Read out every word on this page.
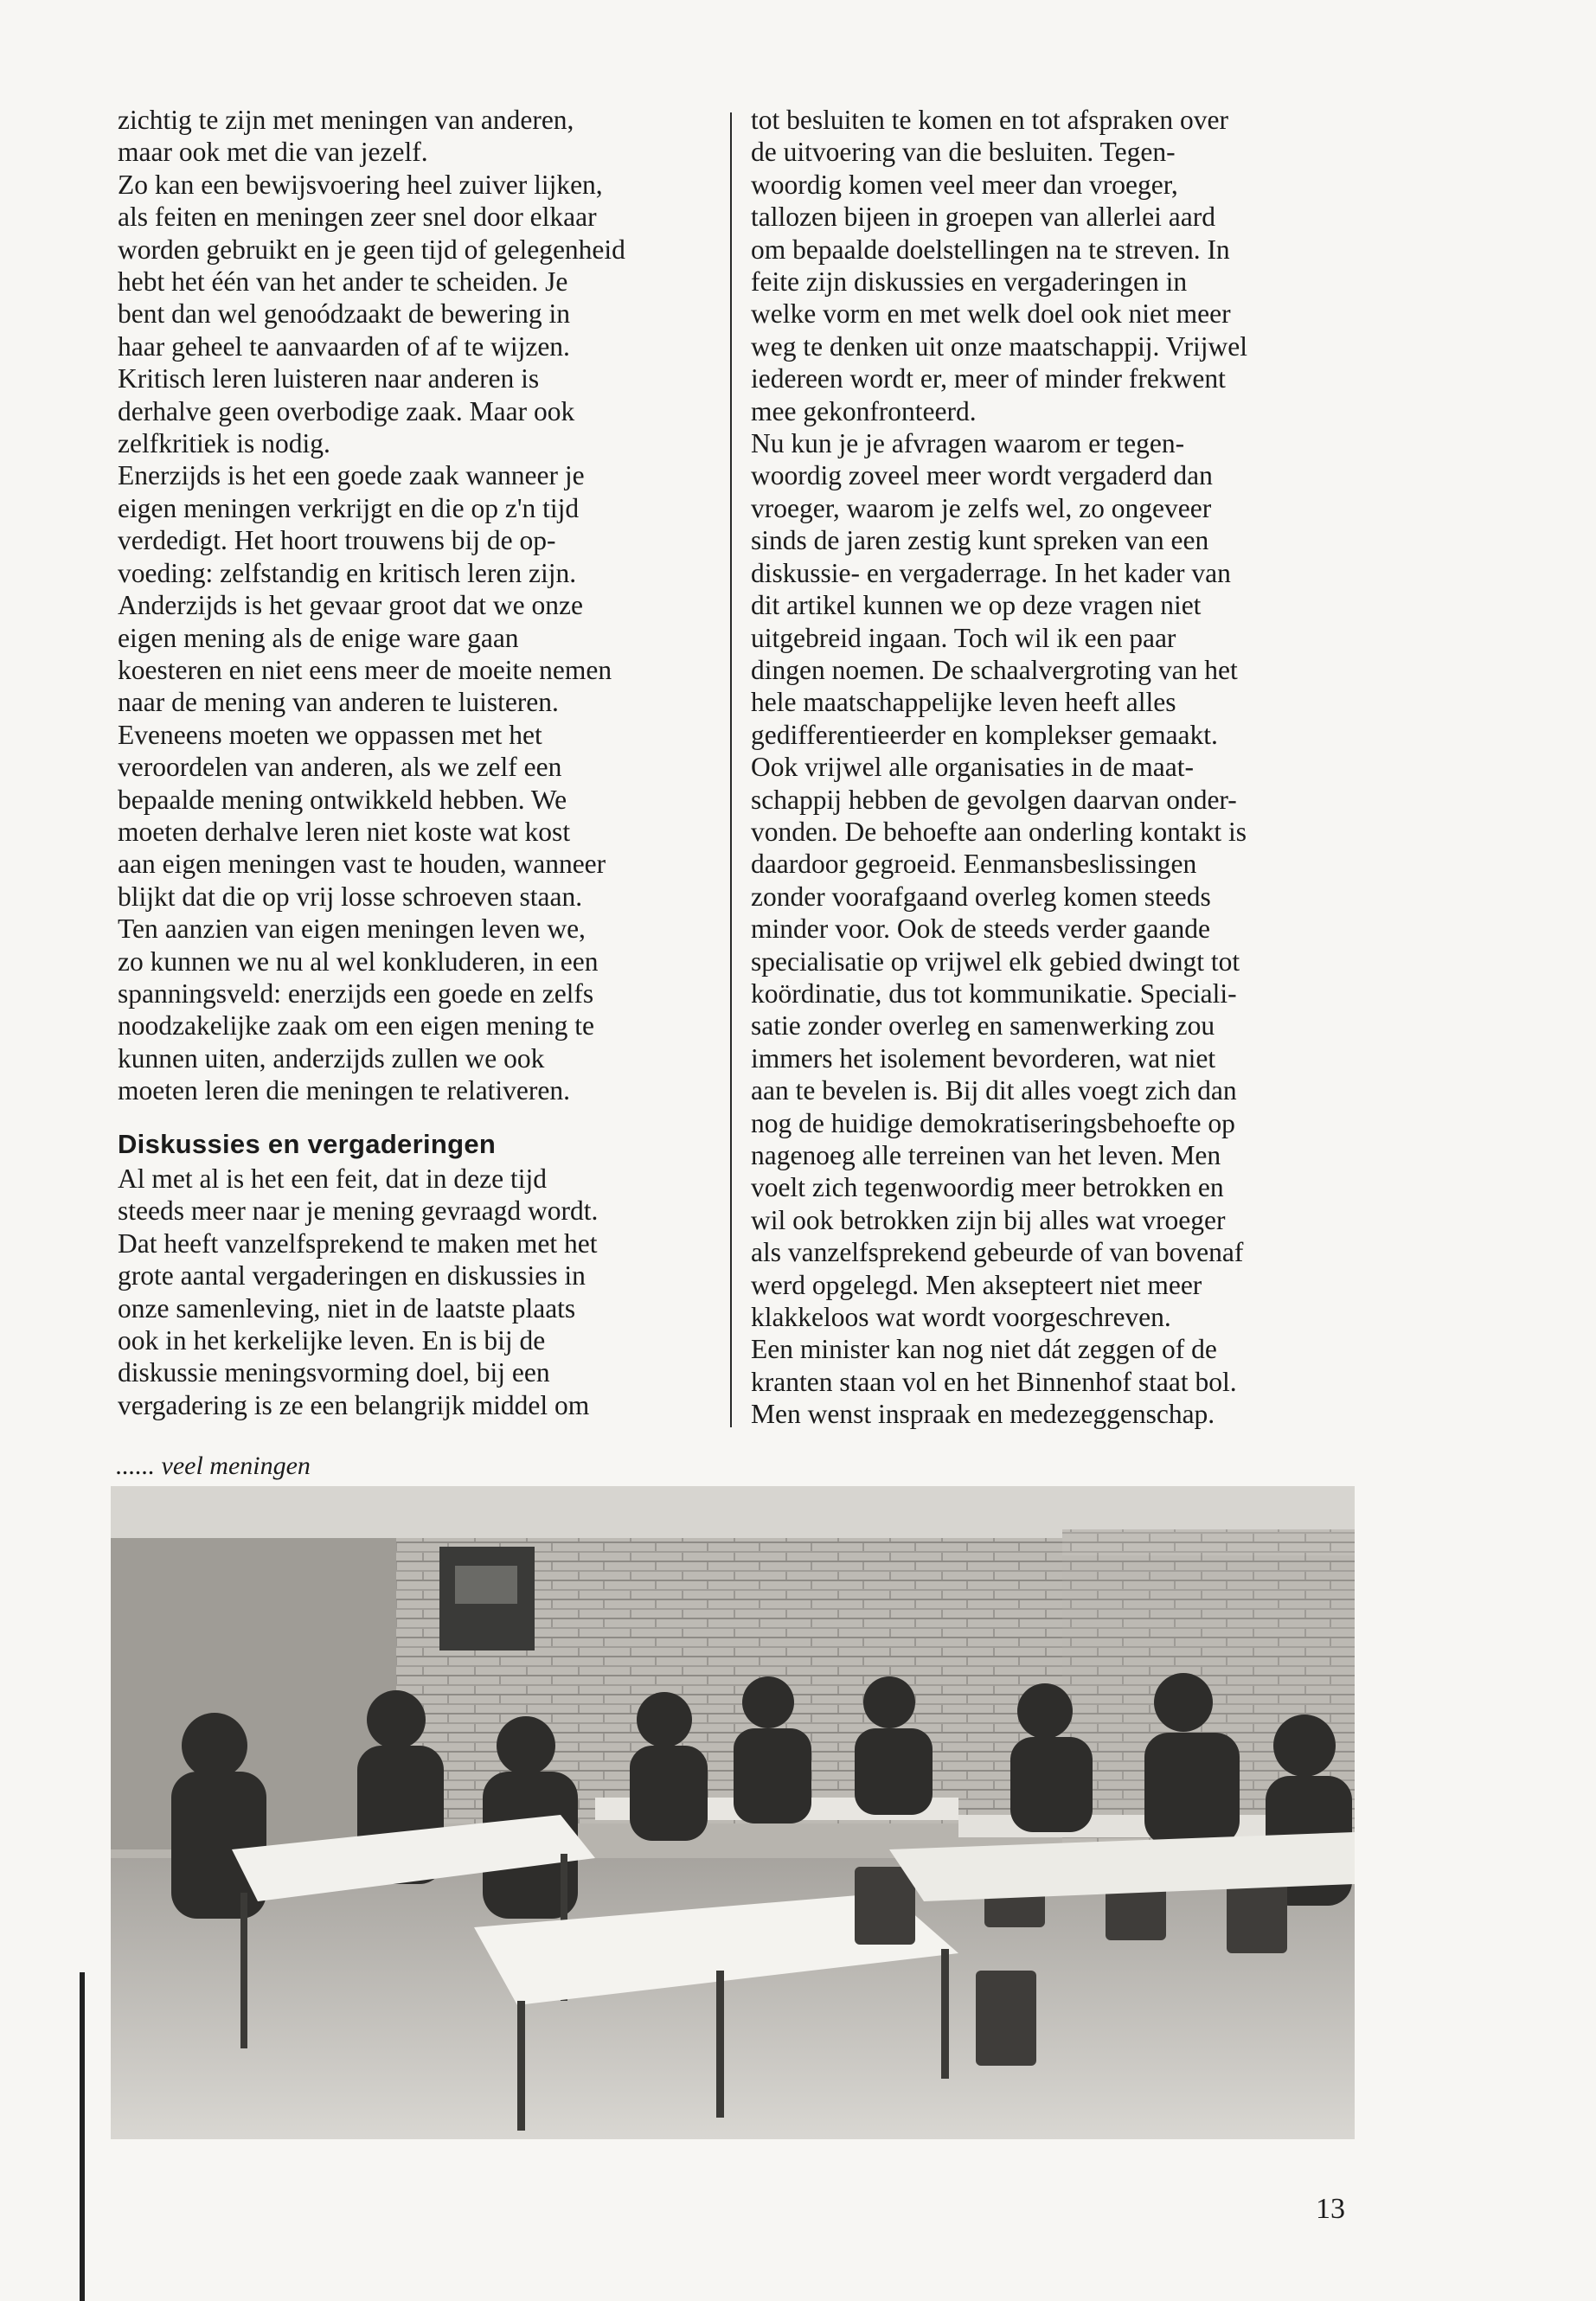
zichtig te zijn met meningen van anderen,
maar ook met die van jezelf.
Zo kan een bewijsvoering heel zuiver lijken,
als feiten en meningen zeer snel door elkaar
worden gebruikt en je geen tijd of gelegenheid
hebt het één van het ander te scheiden. Je
bent dan wel genoódzaakt de bewering in
haar geheel te aanvaarden of af te wijzen.
Kritisch leren luisteren naar anderen is
derhalve geen overbodige zaak. Maar ook
zelfkritiek is nodig.
Enerzijds is het een goede zaak wanneer je
eigen meningen verkrijgt en die op z'n tijd
verdedigt. Het hoort trouwens bij de op-
voeding: zelfstandig en kritisch leren zijn.
Anderzijds is het gevaar groot dat we onze
eigen mening als de enige ware gaan
koesteren en niet eens meer de moeite nemen
naar de mening van anderen te luisteren.
Eveneens moeten we oppassen met het
veroordelen van anderen, als we zelf een
bepaalde mening ontwikkeld hebben. We
moeten derhalve leren niet koste wat kost
aan eigen meningen vast te houden, wanneer
blijkt dat die op vrij losse schroeven staan.
Ten aanzien van eigen meningen leven we,
zo kunnen we nu al wel konkluderen, in een
spanningsveld: enerzijds een goede en zelfs
noodzakelijke zaak om een eigen mening te
kunnen uiten, anderzijds zullen we ook
moeten leren die meningen te relativeren.
Diskussies en vergaderingen
Al met al is het een feit, dat in deze tijd
steeds meer naar je mening gevraagd wordt.
Dat heeft vanzelfsprekend te maken met het
grote aantal vergaderingen en diskussies in
onze samenleving, niet in de laatste plaats
ook in het kerkelijke leven. En is bij de
diskussie meningsvorming doel, bij een
vergadering is ze een belangrijk middel om
tot besluiten te komen en tot afspraken over
de uitvoering van die besluiten. Tegen-
woordig komen veel meer dan vroeger,
tallozen bijeen in groepen van allerlei aard
om bepaalde doelstellingen na te streven. In
feite zijn diskussies en vergaderingen in
welke vorm en met welk doel ook niet meer
weg te denken uit onze maatschappij. Vrijwel
iedereen wordt er, meer of minder frekwent
mee gekonfronteerd.
Nu kun je je afvragen waarom er tegen-
woordig zoveel meer wordt vergaderd dan
vroeger, waarom je zelfs wel, zo ongeveer
sinds de jaren zestig kunt spreken van een
diskussie- en vergaderrage. In het kader van
dit artikel kunnen we op deze vragen niet
uitgebreid ingaan. Toch wil ik een paar
dingen noemen. De schaalvergroting van het
hele maatschappelijke leven heeft alles
gedifferentieerder en komplekser gemaakt.
Ook vrijwel alle organisaties in de maat-
schappij hebben de gevolgen daarvan onder-
vonden. De behoefte aan onderling kontakt is
daardoor gegroeid. Eenmansbeslissingen
zonder voorafgaand overleg komen steeds
minder voor. Ook de steeds verder gaande
specialisatie op vrijwel elk gebied dwingt tot
koördinatie, dus tot kommunikatie. Speciali-
satie zonder overleg en samenwerking zou
immers het isolement bevorderen, wat niet
aan te bevelen is. Bij dit alles voegt zich dan
nog de huidige demokratiseringsbehoefte op
nagenoeg alle terreinen van het leven. Men
voelt zich tegenwoordig meer betrokken en
wil ook betrokken zijn bij alles wat vroeger
als vanzelfsprekend gebeurde of van bovenaf
werd opgelegd. Men aksepteert niet meer
klakkeloos wat wordt voorgeschreven.
Een minister kan nog niet dát zeggen of de
kranten staan vol en het Binnenhof staat bol.
Men wenst inspraak en medezeggenschap.
...... veel meningen
13
